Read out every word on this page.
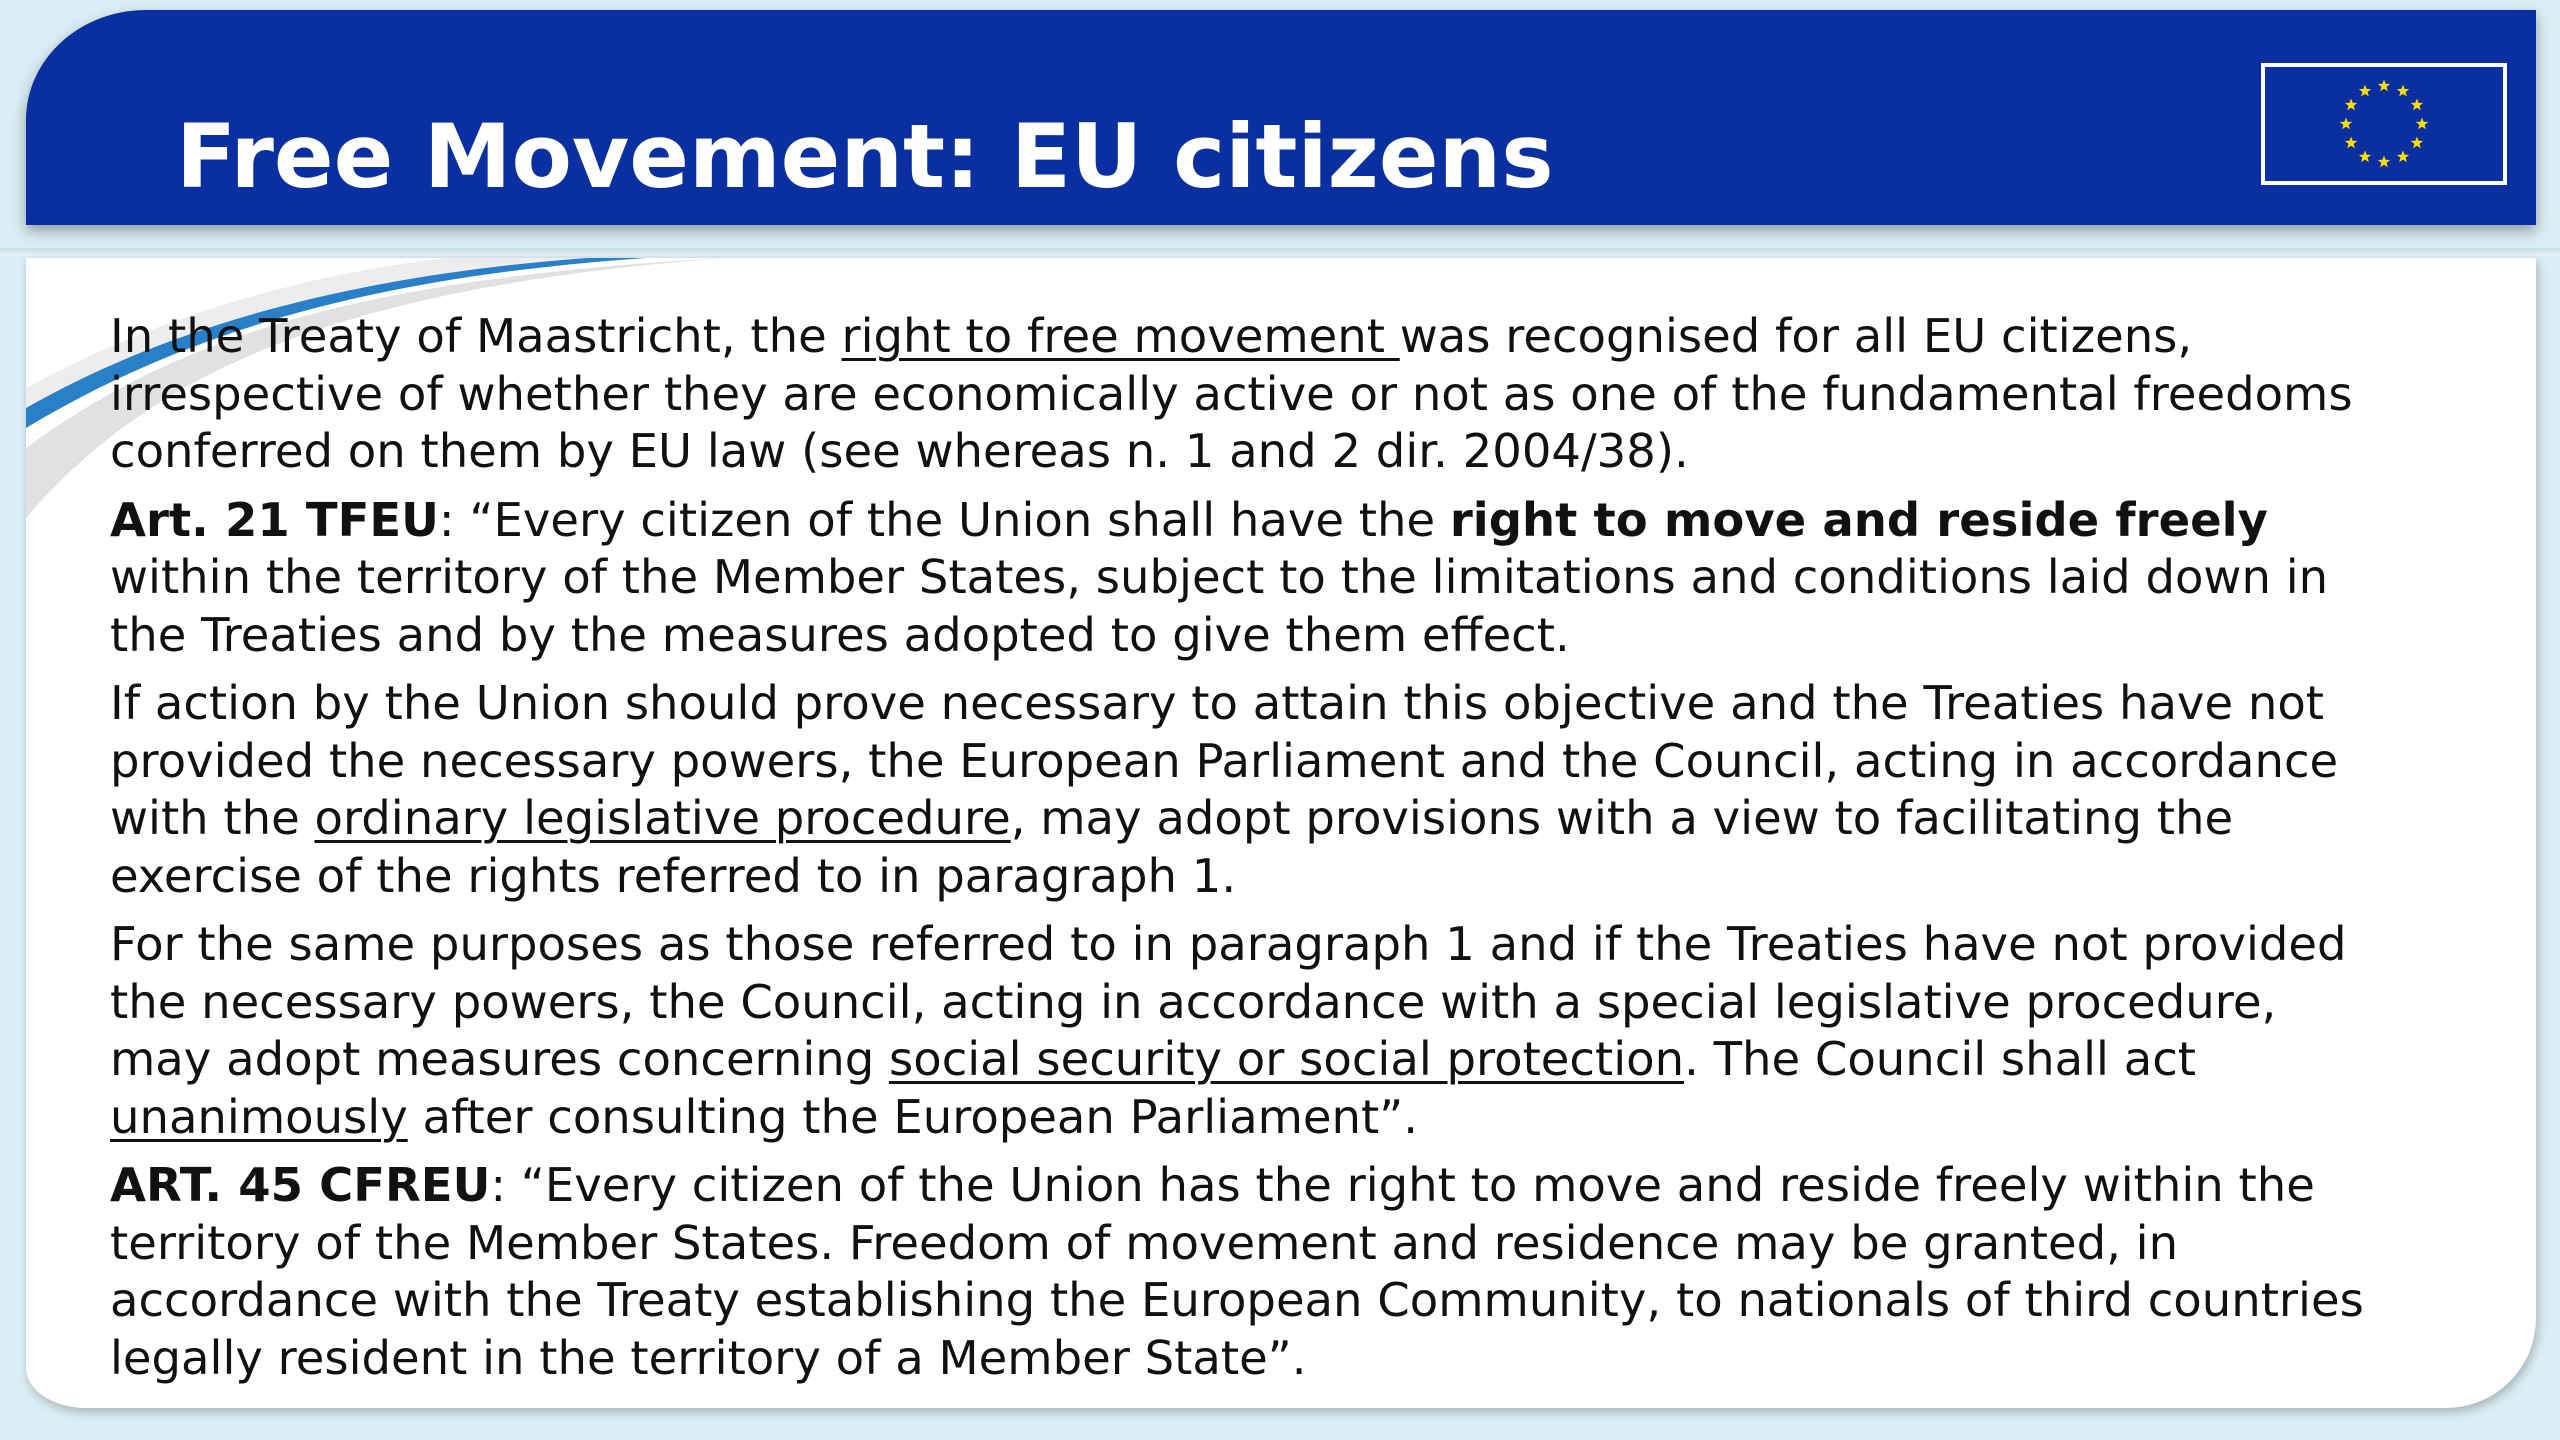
Free Movement: EU citizens

In the Treaty of Maastricht, the right to free movement was recognised for all EU citizens,
irrespective of whether they are economically active or not as one of the fundamental freedoms
conferred on them by EU law (see whereas n. 1 and 2 dir. 2004/38).

Art. 21 TFEU: “Every citizen of the Union shall have the right to move and reside freely
within the territory of the Member States, subject to the limitations and conditions laid down in
the Treaties and by the measures adopted to give them effect.

If action by the Union should prove necessary to attain this objective and the Treaties have not
provided the necessary powers, the European Parliament and the Council, acting in accordance
with the ordinary legislative procedure, may adopt provisions with a view to facilitating the
exercise of the rights referred to in paragraph 1.

For the same purposes as those referred to in paragraph 1 and if the Treaties have not provided
the necessary powers, the Council, acting in accordance with a special legislative procedure,
may adopt measures concerning social security or social protection. The Council shall act
unanimously after consulting the European Parliament”.

ART. 45 CFREU: “Every citizen of the Union has the right to move and reside freely within the
territory of the Member States. Freedom of movement and residence may be granted, in
accordance with the Treaty establishing the European Community, to nationals of third countries
legally resident in the territory of a Member State”.
